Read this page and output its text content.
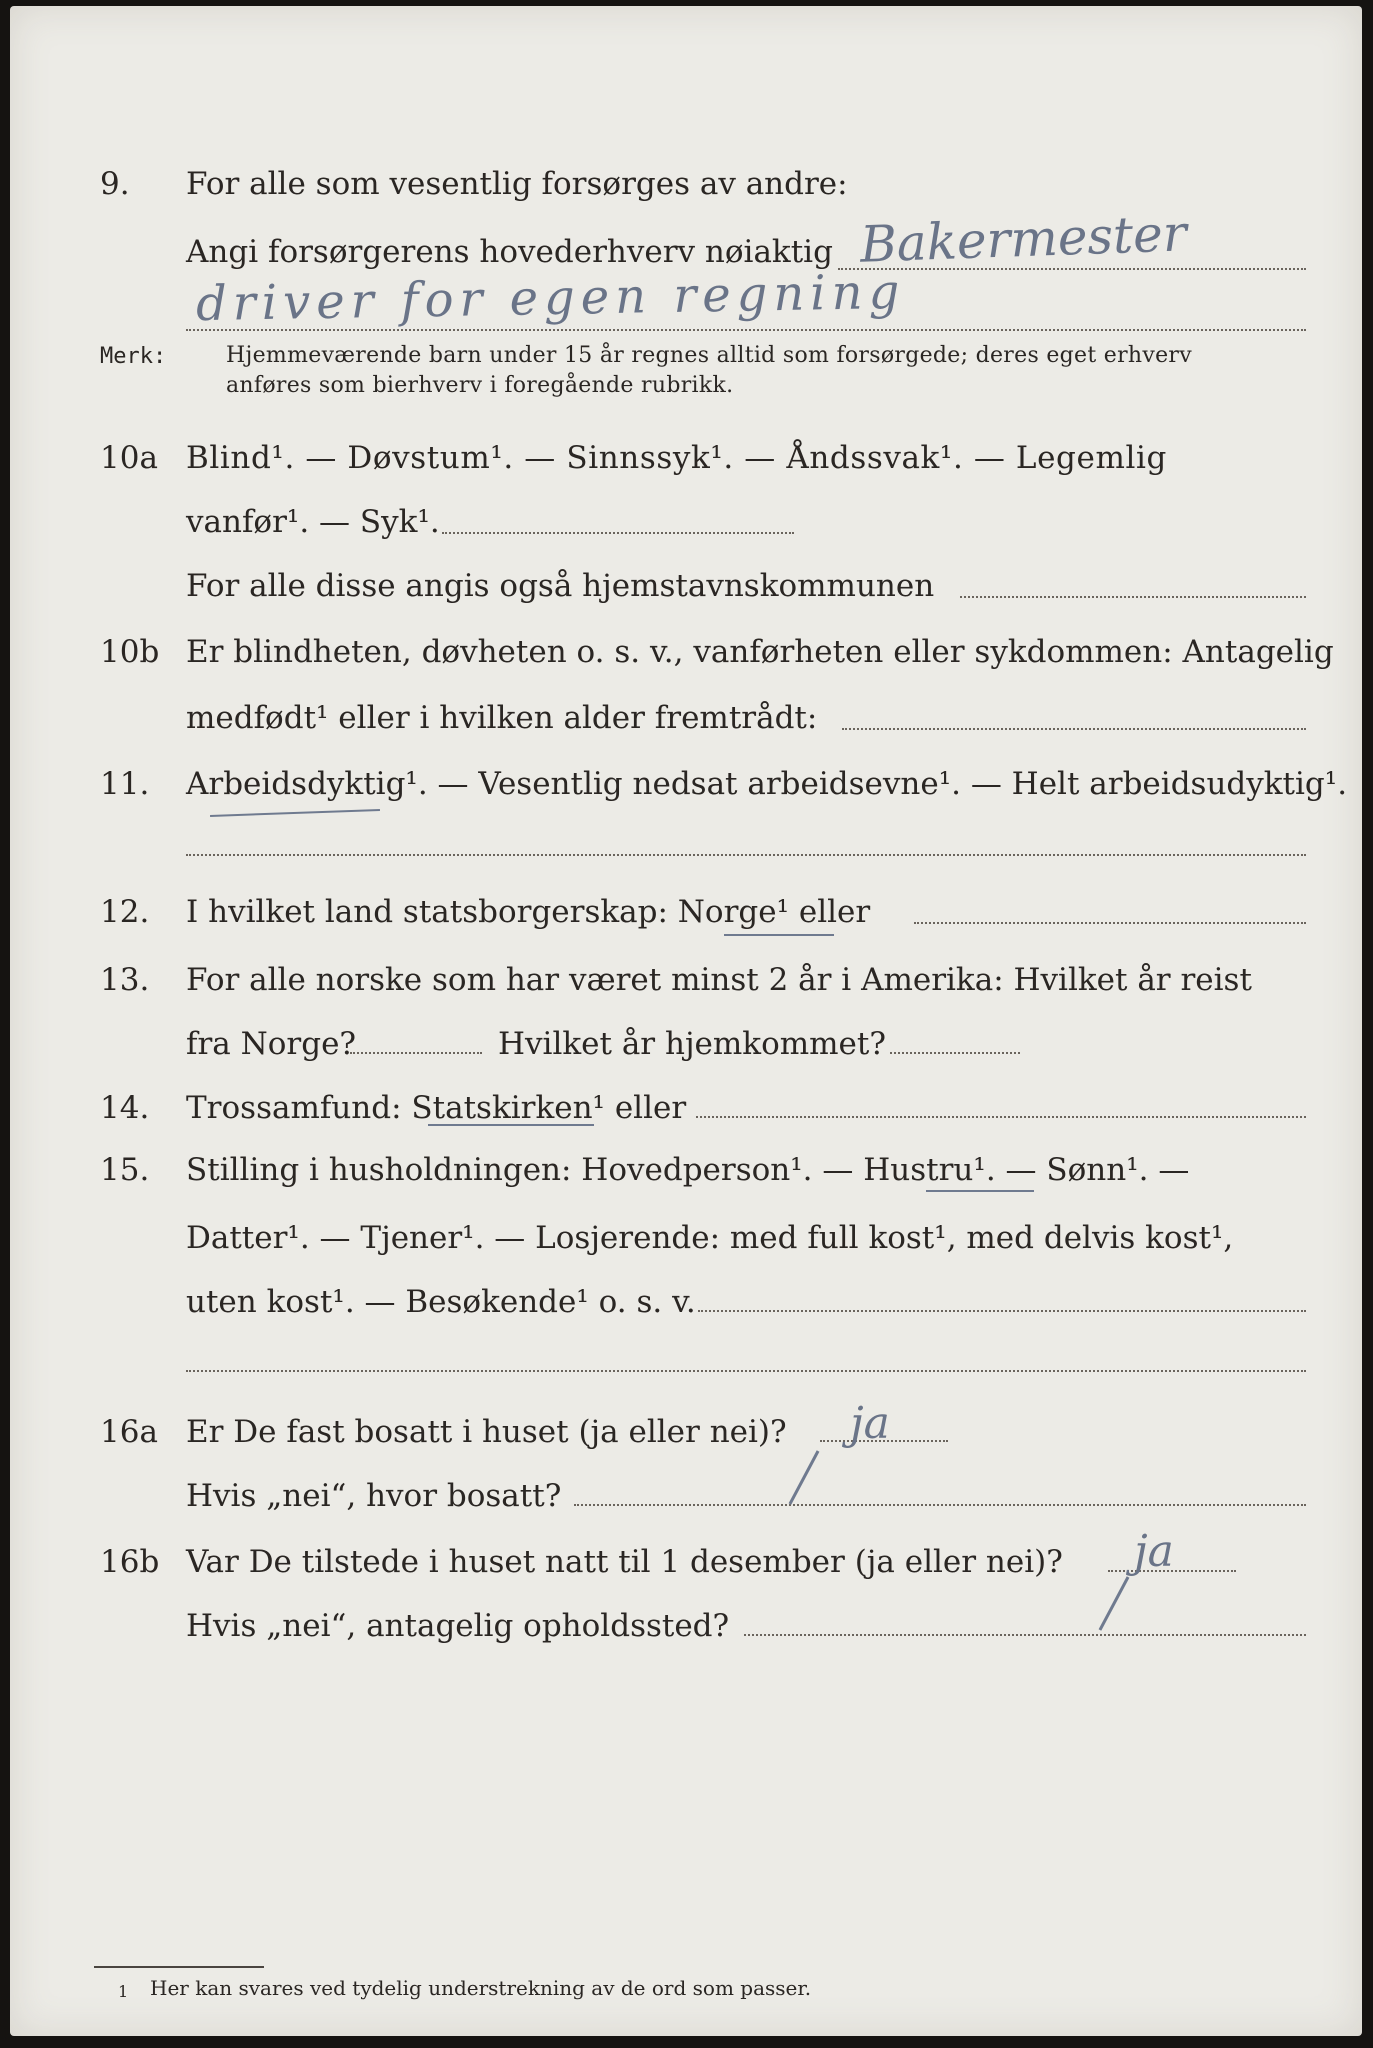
9. For alle som vesentlig forsørges av andre:
Angi forsørgerens hovederhverv nøiaktig Bakermester
driver for egen regning
Merk:	Hjemmeværende barn under 15 år regnes alltid som forsørgede; deres eget erhverv
anføres som bierhverv i foregående rubrikk.
10a Blind¹. — Døvstum¹. — Sinnssyk¹. — Åndssvak¹. — Legemlig
vanfør¹. — Syk¹.
For alle disse angis også hjemstavnskommunen
10b Er blindheten, døvheten o. s. v., vanførheten eller sykdommen: Antagelig
medfødt¹ eller i hvilken alder fremtrådt:
11. Arbeidsdyktig¹. — Vesentlig nedsat arbeidsevne¹. — Helt arbeidsudyktig¹.
12. I hvilket land statsborgerskap: Norge¹ eller
13. For alle norske som har været minst 2 år i Amerika: Hvilket år reist
fra Norge?	Hvilket år hjemkommet?
14. Trossamfund: Statskirken¹ eller
15. Stilling i husholdningen: Hovedperson¹. — Hustru¹. — Sønn¹. —
Datter¹. — Tjener¹. — Losjerende: med full kost¹, med delvis kost¹,
uten kost¹. — Besøkende¹ o. s. v.
16a Er De fast bosatt i huset (ja eller nei)? ja
Hvis „nei“, hvor bosatt?
16b Var De tilstede i huset natt til 1 desember (ja eller nei)? ja
Hvis „nei“, antagelig opholdssted?
1 Her kan svares ved tydelig understrekning av de ord som passer.
